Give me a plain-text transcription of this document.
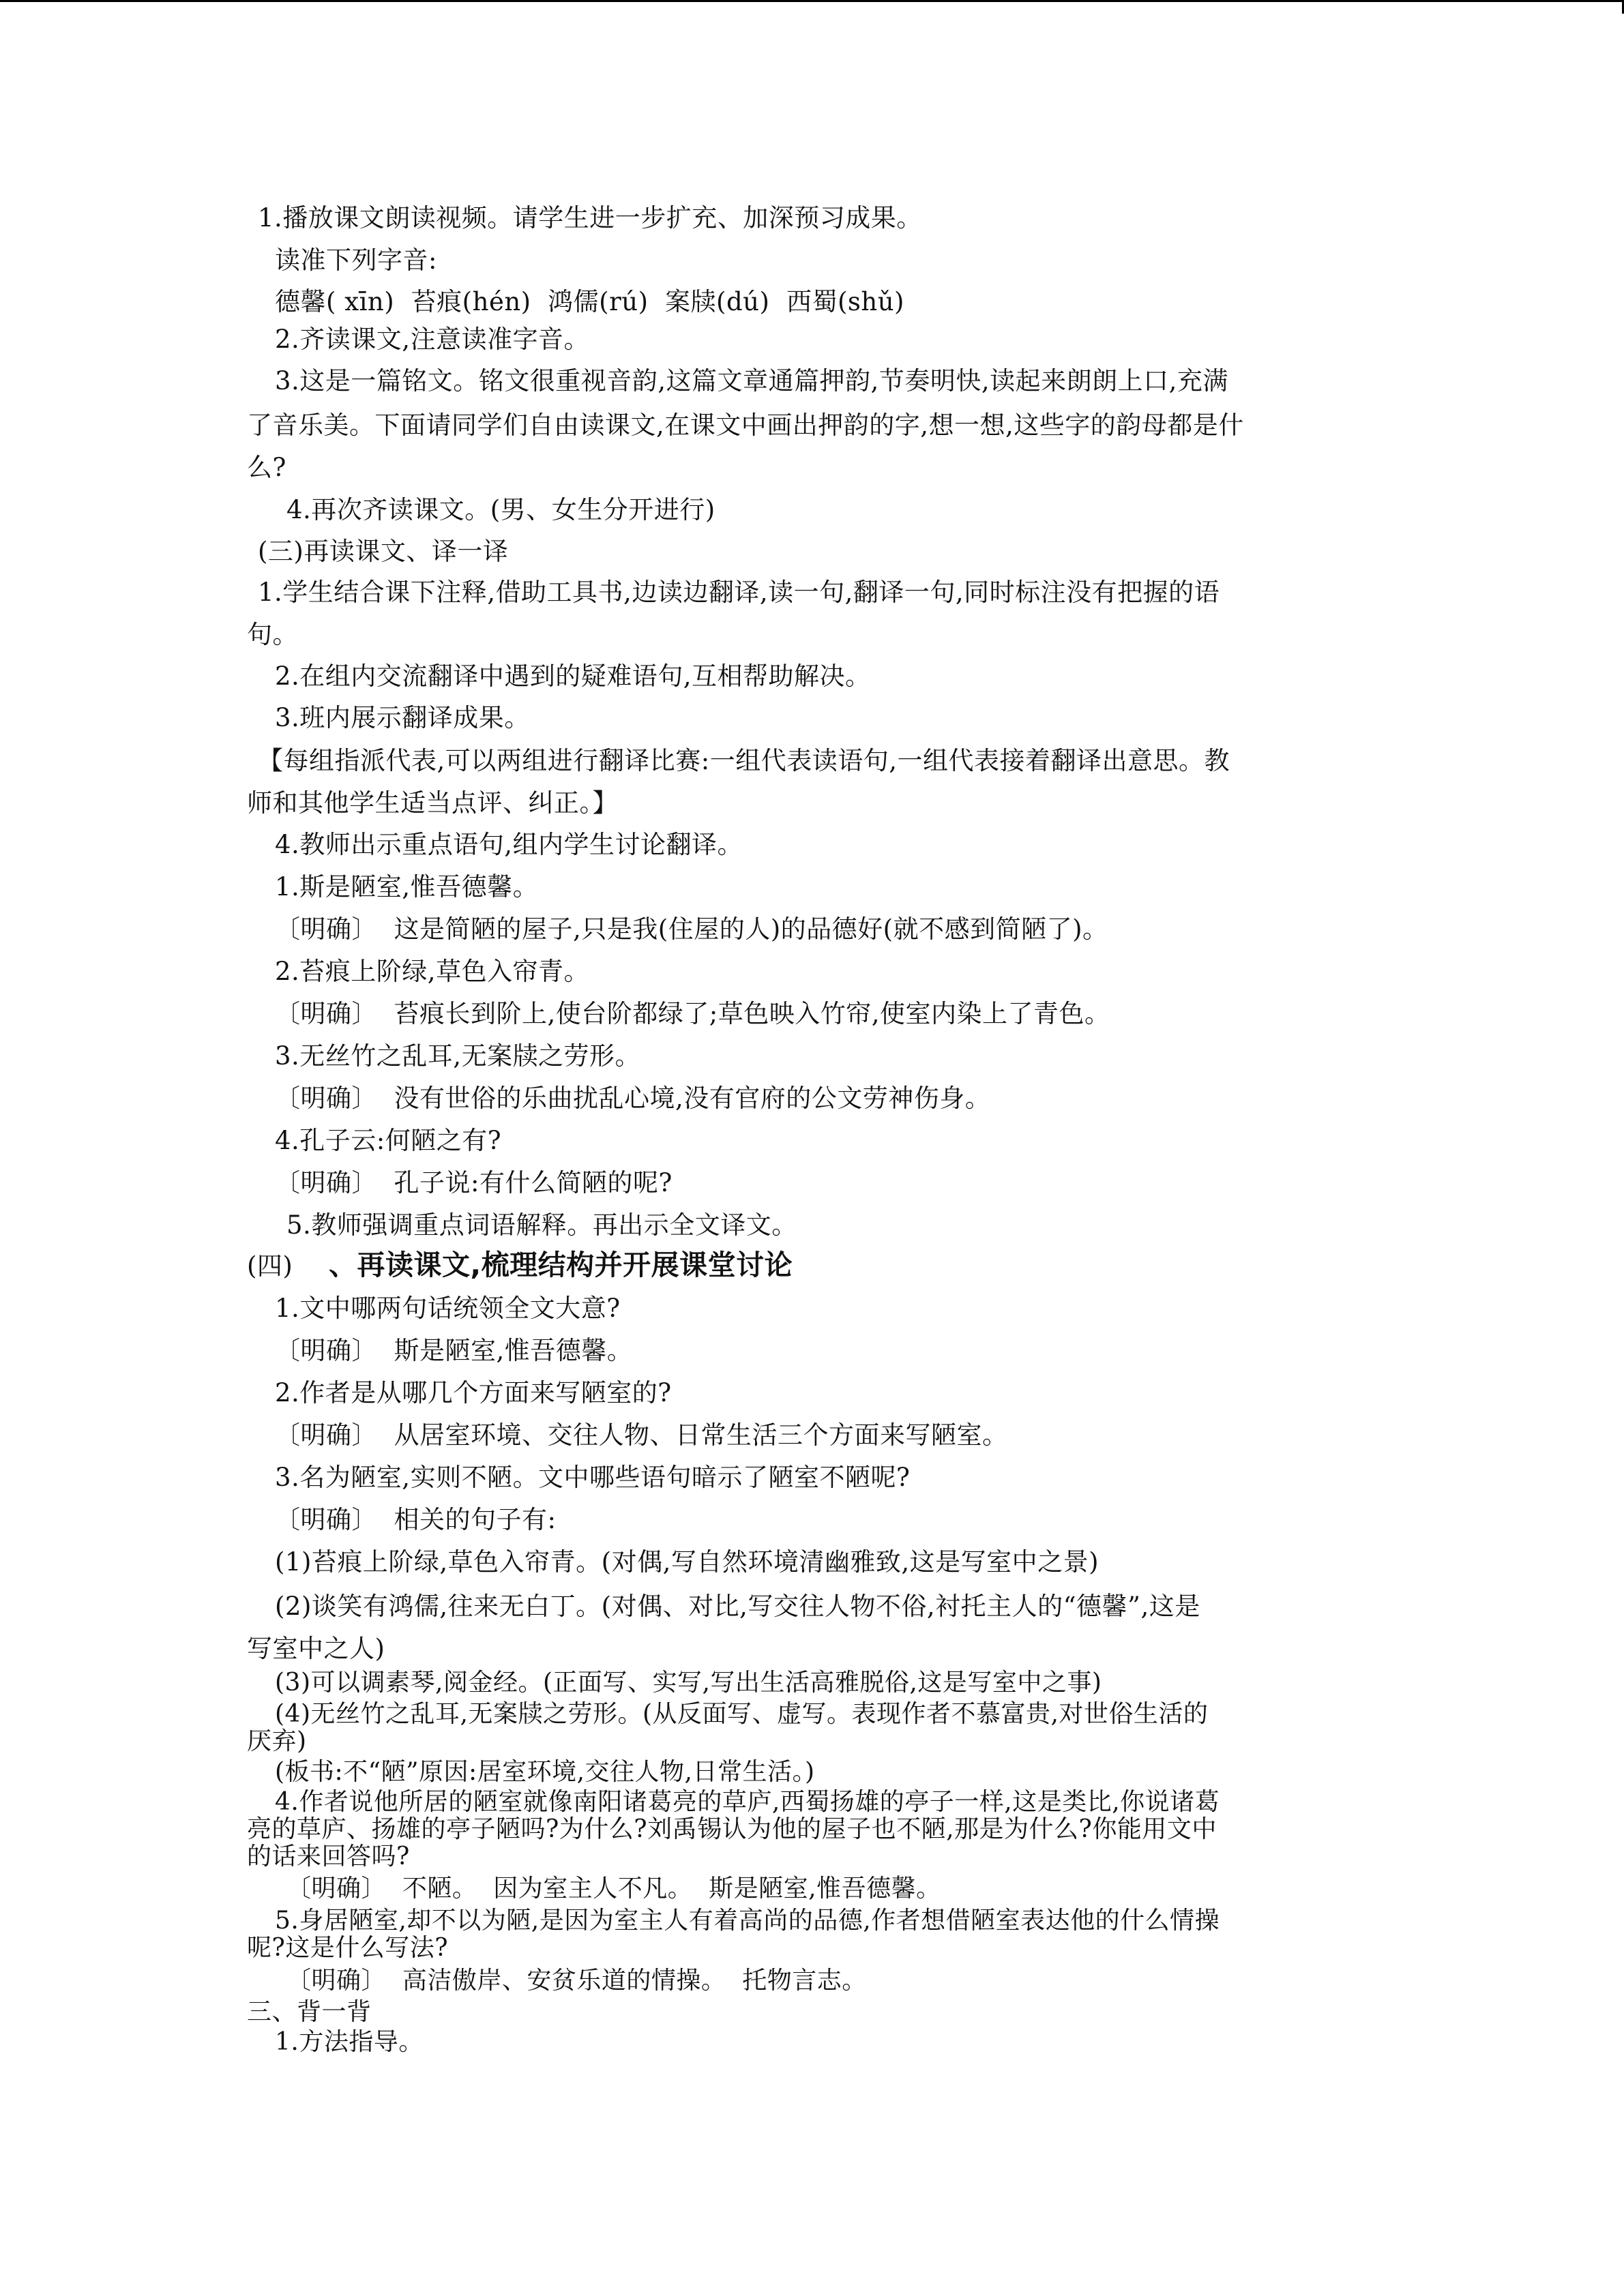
1.播放课文朗读视频。请学生进一步扩充、加深预习成果。
读准下列字音:
德馨( xīn)  苔痕(hén)  鸿儒(rú)  案牍(dú)  西蜀(shǔ)
2.齐读课文,注意读准字音。
3.这是一篇铭文。铭文很重视音韵,这篇文章通篇押韵,节奏明快,读起来朗朗上口,充满
了音乐美。下面请同学们自由读课文,在课文中画出押韵的字,想一想,这些字的韵母都是什
么?
4.再次齐读课文。(男、女生分开进行)
(三)再读课文、译一译
1.学生结合课下注释,借助工具书,边读边翻译,读一句,翻译一句,同时标注没有把握的语
句。
2.在组内交流翻译中遇到的疑难语句,互相帮助解决。
3.班内展示翻译成果。
【每组指派代表,可以两组进行翻译比赛:一组代表读语句,一组代表接着翻译出意思。教
师和其他学生适当点评、纠正。】
4.教师出示重点语句,组内学生讨论翻译。
1.斯是陋室,惟吾德馨。
〔明确〕  这是简陋的屋子,只是我(住屋的人)的品德好(就不感到简陋了)。
2.苔痕上阶绿,草色入帘青。
〔明确〕  苔痕长到阶上,使台阶都绿了;草色映入竹帘,使室内染上了青色。
3.无丝竹之乱耳,无案牍之劳形。
〔明确〕  没有世俗的乐曲扰乱心境,没有官府的公文劳神伤身。
4.孔子云:何陋之有?
〔明确〕  孔子说:有什么简陋的呢?
5.教师强调重点词语解释。再出示全文译文。
(四) 、再读课文,梳理结构并开展课堂讨论
1.文中哪两句话统领全文大意?
〔明确〕  斯是陋室,惟吾德馨。
2.作者是从哪几个方面来写陋室的?
〔明确〕  从居室环境、交往人物、日常生活三个方面来写陋室。
3.名为陋室,实则不陋。文中哪些语句暗示了陋室不陋呢?
〔明确〕  相关的句子有:
(1)苔痕上阶绿,草色入帘青。(对偶,写自然环境清幽雅致,这是写室中之景)
(2)谈笑有鸿儒,往来无白丁。(对偶、对比,写交往人物不俗,衬托主人的“德馨”,这是
写室中之人)
(3)可以调素琴,阅金经。(正面写、实写,写出生活高雅脱俗,这是写室中之事)
(4)无丝竹之乱耳,无案牍之劳形。(从反面写、虚写。表现作者不慕富贵,对世俗生活的
厌弃)
(板书:不“陋”原因:居室环境,交往人物,日常生活。)
4.作者说他所居的陋室就像南阳诸葛亮的草庐,西蜀扬雄的亭子一样,这是类比,你说诸葛
亮的草庐、扬雄的亭子陋吗?为什么?刘禹锡认为他的屋子也不陋,那是为什么?你能用文中
的话来回答吗?
〔明确〕  不陋。  因为室主人不凡。  斯是陋室,惟吾德馨。
5.身居陋室,却不以为陋,是因为室主人有着高尚的品德,作者想借陋室表达他的什么情操
呢?这是什么写法?
〔明确〕  高洁傲岸、安贫乐道的情操。  托物言志。
三、背一背
1.方法指导。
